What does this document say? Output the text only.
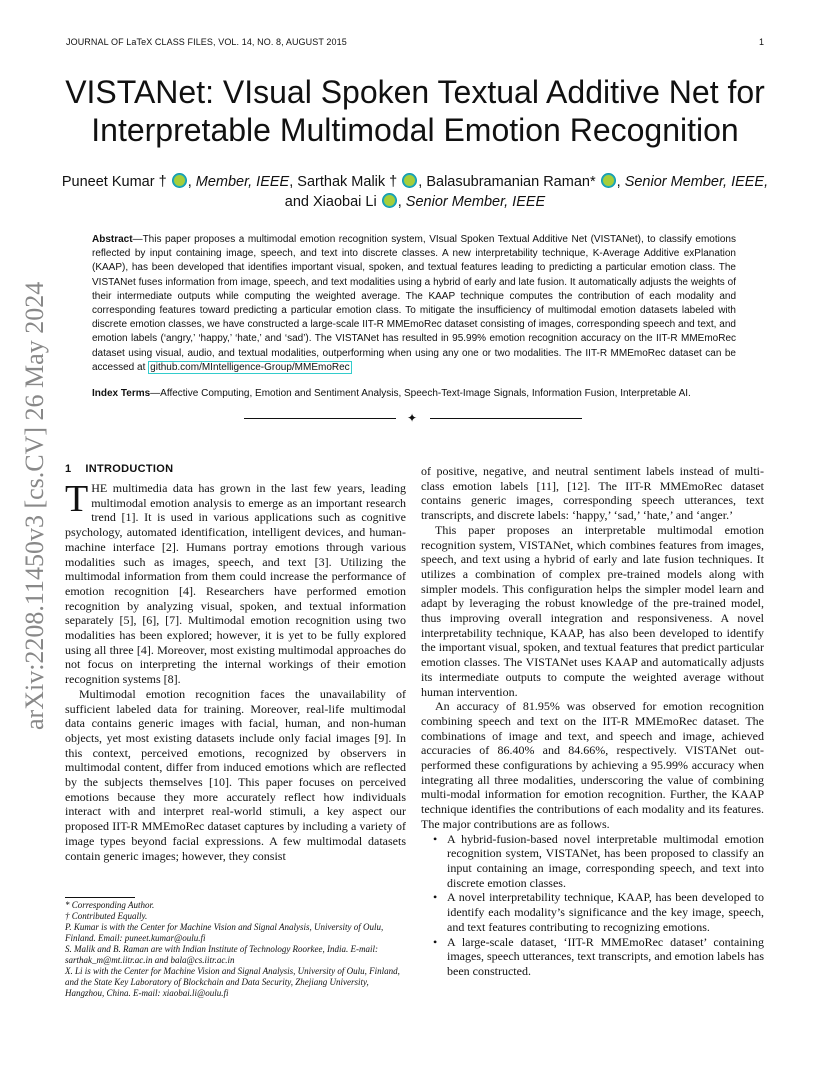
JOURNAL OF LaTeX CLASS FILES, VOL. 14, NO. 8, AUGUST 2015	1
VISTANet: VIsual Spoken Textual Additive Net for Interpretable Multimodal Emotion Recognition
Puneet Kumar † , Member, IEEE, Sarthak Malik † , Balasubramanian Raman* , Senior Member, IEEE,
and Xiaobai Li , Senior Member, IEEE
Abstract—This paper proposes a multimodal emotion recognition system, VIsual Spoken Textual Additive Net (VISTANet), to classify emotions reflected by input containing image, speech, and text into discrete classes. A new interpretability technique, K-Average Additive exPlanation (KAAP), has been developed that identifies important visual, spoken, and textual features leading to predicting a particular emotion class. The VISTANet fuses information from image, speech, and text modalities using a hybrid of early and late fusion. It automatically adjusts the weights of their intermediate outputs while computing the weighted average. The KAAP technique computes the contribution of each modality and corresponding features toward predicting a particular emotion class. To mitigate the insufficiency of multimodal emotion datasets labeled with discrete emotion classes, we have constructed a large-scale IIT-R MMEmoRec dataset consisting of images, corresponding speech and text, and emotion labels (‘angry,’ ‘happy,’ ‘hate,’ and ‘sad’). The VISTANet has resulted in 95.99% emotion recognition accuracy on the IIT-R MMEmoRec dataset using visual, audio, and textual modalities, outperforming when using any one or two modalities. The IIT-R MMEmoRec dataset can be accessed at github.com/MIntelligence-Group/MMEmoRec
Index Terms—Affective Computing, Emotion and Sentiment Analysis, Speech-Text-Image Signals, Information Fusion, Interpretable AI.
✦
arXiv:2208.11450v3 [cs.CV] 26 May 2024 1 INTRODUCTION

THE multimedia data has grown in the last few years, leading multimodal emotion analysis to emerge as an important research trend [1]. It is used in various applications such as cognitive psychology, automated identification, intelligent devices, and human-machine interface [2]. Humans portray emotions through various modalities such as images, speech, and text [3]. Utilizing the multimodal information from them could increase the performance of emotion recognition [4]. Researchers have performed emotion recognition by analyzing visual, spoken, and textual information separately [5], [6], [7]. Multimodal emotion recognition using two modalities has been explored; however, it is yet to be fully explored using all three [4]. Moreover, most existing multimodal approaches do not focus on interpreting the internal workings of their emotion recognition systems [8].

Multimodal emotion recognition faces the unavailability of sufficient labeled data for training. Moreover, real-life multimodal data contains generic images with facial, human, and non-human objects, yet most existing datasets include only facial images [9]. In this context, perceived emotions, recognized by observers in multimodal content, differ from induced emotions which are reflected by the subjects themselves [10]. This paper focuses on perceived emotions because they more accurately reflect how individuals interact with and interpret real-world stimuli, a key aspect our proposed IIT-R MMEmoRec dataset captures by including a variety of image types beyond facial expressions. A few multimodal datasets contain generic images; however, they consist

* Corresponding Author.

† Contributed Equally.

P. Kumar is with the Center for Machine Vision and Signal Analysis, University of Oulu, Finland. Email: puneet.kumar@oulu.fi

S. Malik and B. Raman are with Indian Institute of Technology Roorkee, India. E-mail: sarthak_m@mt.iitr.ac.in and bala@cs.iitr.ac.in

X. Li is with the Center for Machine Vision and Signal Analysis, University of Oulu, Finland, and the State Key Laboratory of Blockchain and Data Security, Zhejiang University, Hangzhou, China. E-mail: xiaobai.li@oulu.fi

of positive, negative, and neutral sentiment labels instead of multi-class emotion labels [11], [12]. The IIT-R MMEmoRec dataset contains generic images, corresponding speech utterances, text transcripts, and discrete labels: ‘happy,’ ‘sad,’ ‘hate,’ and ‘anger.’

This paper proposes an interpretable multimodal emotion recognition system, VISTANet, which combines features from images, speech, and text using a hybrid of early and late fusion techniques. It utilizes a combination of complex pre-trained models along with simpler models. This configuration helps the simpler model learn and adapt by leveraging the robust knowledge of the pre-trained model, thus improving overall integration and responsiveness. A novel interpretability technique, KAAP, has also been developed to identify the important visual, spoken, and textual features that predict particular emotion classes. The VISTANet uses KAAP and automatically adjusts its intermediate outputs to compute the weighted average without human intervention.

An accuracy of 81.95% was observed for emotion recognition combining speech and text on the IIT-R MMEmoRec dataset. The combinations of image and text, and speech and image, achieved accuracies of 86.40% and 84.66%, respectively. VISTANet out-performed these configurations by achieving a 95.99% accuracy when integrating all three modalities, underscoring the value of combining multi-modal information for emotion recognition. Further, the KAAP technique identifies the contributions of each modality and its features. The major contributions are as follows.

• A hybrid-fusion-based novel interpretable multimodal emotion recognition system, VISTANet, has been proposed to classify an input containing an image, corresponding speech, and text into discrete emotion classes.

• A novel interpretability technique, KAAP, has been developed to identify each modality’s significance and the key image, speech, and text features contributing to recognizing emotions.

• A large-scale dataset, ‘IIT-R MMEmoRec dataset’ containing images, speech utterances, text transcripts, and emotion labels has been constructed.
